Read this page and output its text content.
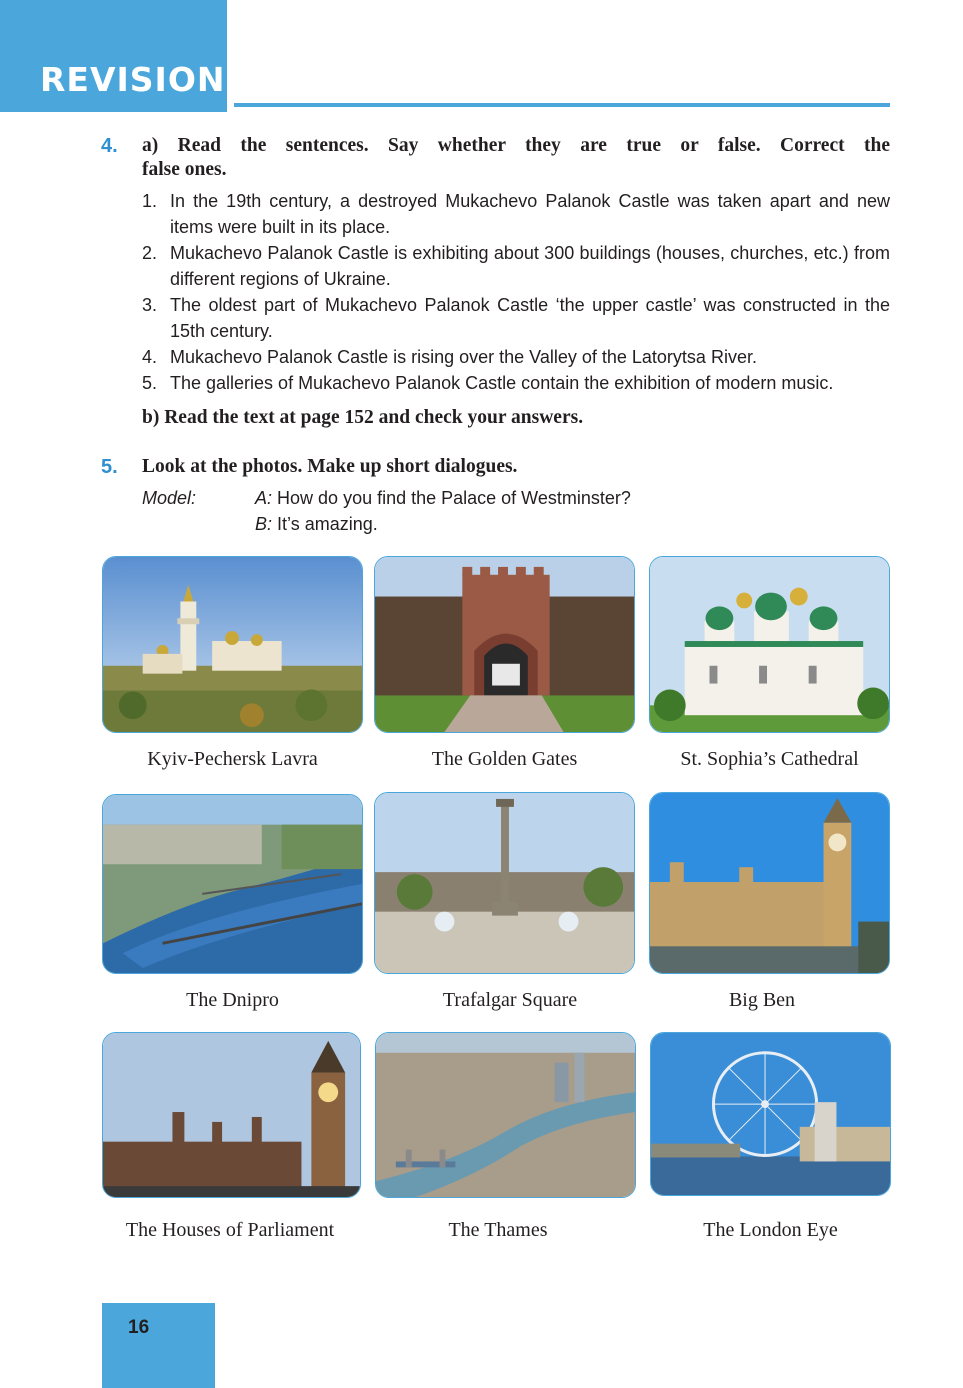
REVISION
4. a) Read the sentences. Say whether they are true or false. Correct the
false ones.
1. In the 19th century, a destroyed Mukachevo Palanok Castle was taken apart and new items were built in its place.
2. Mukachevo Palanok Castle is exhibiting about 300 buildings (houses, churches, etc.) from different regions of Ukraine.
3. The oldest part of Mukachevo Palanok Castle ‘the upper castle’ was constructed in the 15th century.
4. Mukachevo Palanok Castle is rising over the Valley of the Latorytsa River.
5. The galleries of Mukachevo Palanok Castle contain the exhibition of modern music.
b) Read the text at page 152 and check your answers.
5. Look at the photos. Make up short dialogues.
Model:	A: How do you find the Palace of Westminster?
B: It’s amazing.
Kyiv-Pechersk Lavra	The Golden Gates	St. Sophia’s Cathedral
The Dnipro	Trafalgar Square	Big Ben
The Houses of Parliament	The Thames	The London Eye
16
